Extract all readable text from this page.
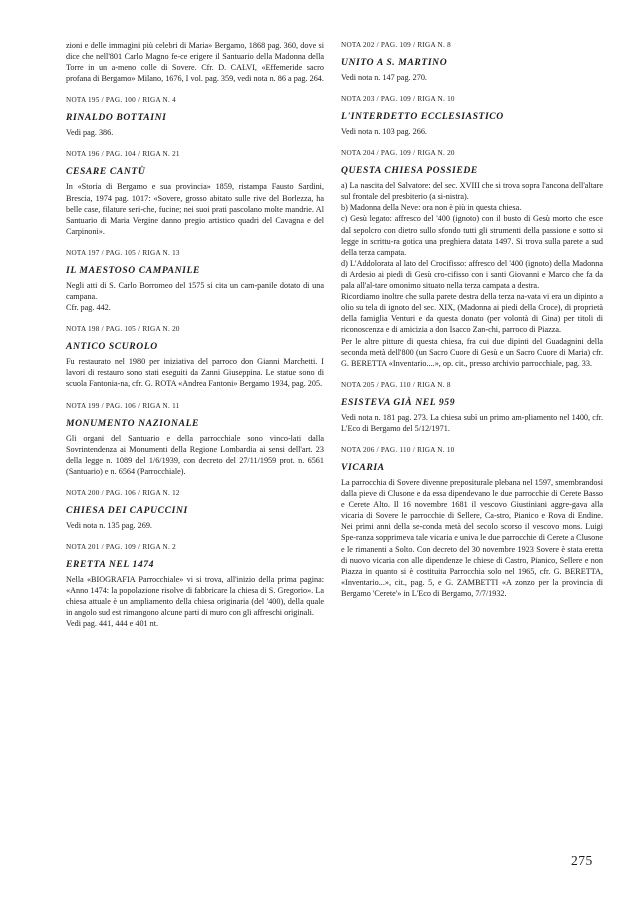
zioni e delle immagini più celebri di Maria» Bergamo, 1868 pag. 360, dove si dice che nell'801 Carlo Magno fe-ce erigere il Santuario della Madonna della Torre in un a-meno colle di Sovere. Cfr. D. CALVI, «Effemeride sacro profana di Bergamo» Milano, 1676, I vol. pag. 359, vedi nota n. 86 a pag. 264.

NOTA 195 / PAG. 100 / RIGA N. 4
RINALDO BOTTAINI

Vedi pag. 386.

NOTA 196 / PAG. 104 / RIGA N. 21
CESARE CANTÙ

In «Storia di Bergamo e sua provincia» 1859, ristampa Fausto Sardini, Brescia, 1974 pag. 1017: «Sovere, grosso abitato sulle rive del Borlezza, ha belle case, filature seri-che, fucine; nei suoi prati pascolano molte mandrie. Al Santuario di Maria Vergine danno pregio artistico quadri del Cavagna e del Carpinoni».

NOTA 197 / PAG. 105 / RIGA N. 13
IL MAESTOSO CAMPANILE

Negli atti di S. Carlo Borromeo del 1575 si cita un cam-panile dotato di una campana.
Cfr. pag. 442.

NOTA 198 / PAG. 105 / RIGA N. 20
ANTICO SCUROLO

Fu restaurato nel 1980 per iniziativa del parroco don Gianni Marchetti. I lavori di restauro sono stati eseguiti da Zanni Giuseppina. Le statue sono di scuola Fantonia-na, cfr. G. ROTA «Andrea Fantoni» Bergamo 1934, pag. 205.

NOTA 199 / PAG. 106 / RIGA N. 11
MONUMENTO NAZIONALE

Gli organi del Santuario e della parrocchiale sono vinco-lati dalla Sovrintendenza ai Monumenti della Regione Lombardia ai sensi dell'art. 23 della legge n. 1089 del 1/6/1939, con decreto del 27/11/1959 prot. n. 6561 (Santuario) e n. 6564 (Parrocchiale).

NOTA 200 / PAG. 106 / RIGA N. 12
CHIESA DEI CAPUCCINI

Vedi nota n. 135 pag. 269.

NOTA 201 / PAG. 109 / RIGA N. 2
ERETTA NEL 1474

Nella «BIOGRAFIA Parrocchiale» vi si trova, all'inizio della prima pagina: «Anno 1474: la popolazione risolve di fabbricare la chiesa di S. Gregorio». La chiesa attuale è un ampliamento della chiesa originaria (del '400), della quale in angolo sud est rimangono alcune parti di muro con gli affreschi originali.
Vedi pag. 441, 444 e 401 nt.

NOTA 202 / PAG. 109 / RIGA N. 8
UNITO A S. MARTINO

Vedi nota n. 147 pag. 270.

NOTA 203 / PAG. 109 / RIGA N. 10
L'INTERDETTO ECCLESIASTICO

Vedi nota n. 103 pag. 266.

NOTA 204 / PAG. 109 / RIGA N. 20
QUESTA CHIESA POSSIEDE

a) La nascita del Salvatore: del sec. XVIII che si trova sopra l'ancona dell'altare sul frontale del presbiterio (a si-nistra).
b) Madonna della Neve: ora non è più in questa chiesa.
c) Gesù legato: affresco del '400 (ignoto) con il busto di Gesù morto che esce dal sepolcro con dietro sullo sfondo tutti gli strumenti della passione e sotto si legge in scrittu-ra gotica una preghiera datata 1497. Si trova sulla parete a sud della terza campata.
d) L'Addolorata al lato del Crocifisso: affresco del '400 (ignoto) della Madonna di Ardesio ai piedi di Gesù cro-cifisso con i santi Giovanni e Marco che fa da pala all'al-tare omonimo situato nella terza campata a destra.
Ricordiamo inoltre che sulla parete destra della terza na-vata vi era un dipinto a olio su tela di ignoto del sec. XIX, (Madonna ai piedi della Croce), di proprietà della famiglia Venturi e da questa donato (per volontà di Gina) per titoli di riconoscenza e di amicizia a don Isacco Zan-chi, parroco di Piazza.
Per le altre pitture di questa chiesa, fra cui due dipinti del Guadagnini della seconda metà dell'800 (un Sacro Cuore di Gesù e un Sacro Cuore di Maria) cfr. G. BERETTA «Inventario....», op. cit., presso archivio parrocchiale, pag. 33.

NOTA 205 / PAG. 110 / RIGA N. 8
ESISTEVA GIÀ NEL 959

Vedi nota n. 181 pag. 273. La chiesa subì un primo am-pliamento nel 1400, cfr. L'Eco di Bergamo del 5/12/1971.

NOTA 206 / PAG. 110 / RIGA N. 10
VICARIA

La parrocchia di Sovere divenne prepositurale plebana nel 1597, smembrandosi dalla pieve di Clusone e da essa dipendevano le due parrocchie di Cerete Basso e Cerete Alto. Il 16 novembre 1681 il vescovo Giustiniani aggre-gava alla vicaria di Sovere le parrocchie di Sellere, Ca-stro, Pianico e Rova di Endine. Nei primi anni della se-conda metà del secolo scorso il vescovo mons. Luigi Spe-ranza sopprimeva tale vicaria e univa le due parrocchie di Cerete a Clusone e le rimanenti a Solto. Con decreto del 30 novembre 1923 Sovere è stata eretta di nuovo vicaria con alle dipendenze le chiese di Castro, Pianico, Sellere e non Piazza in quanto si è costituita Parrocchia solo nel 1965, cfr. G. BERETTA, «Inventario...», cit., pag. 5, e G. ZAMBETTI «A zonzo per la provincia di Bergamo 'Cerete'» in L'Eco di Bergamo, 7/7/1932.

275
